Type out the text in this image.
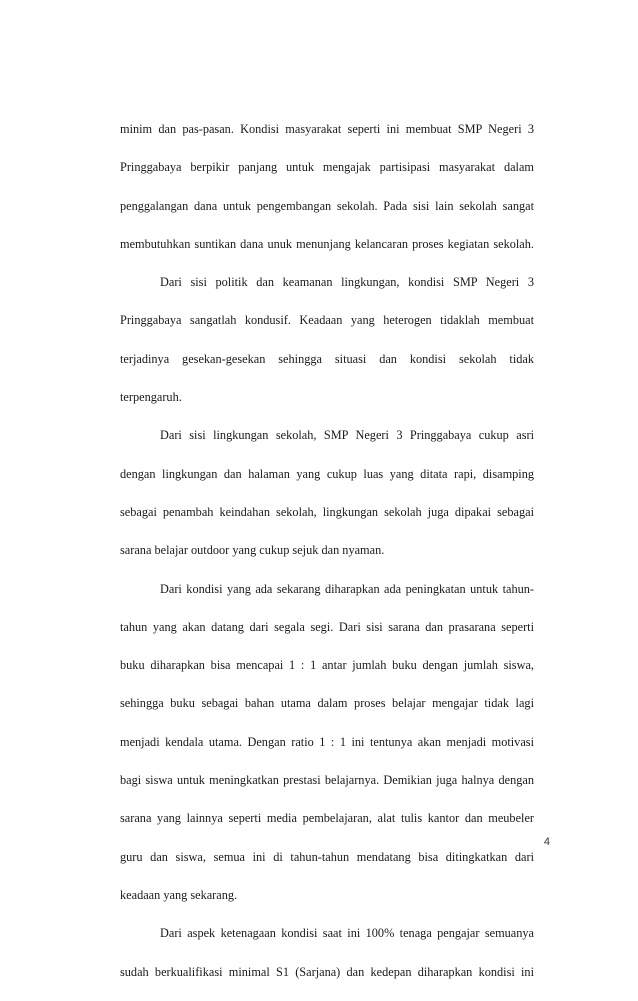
minim dan pas-pasan. Kondisi masyarakat seperti ini membuat SMP Negeri 3
Pringgabaya berpikir panjang untuk mengajak partisipasi masyarakat dalam
penggalangan dana untuk pengembangan sekolah. Pada sisi lain sekolah sangat
membutuhkan suntikan dana unuk menunjang kelancaran proses kegiatan sekolah.
Dari sisi politik dan keamanan lingkungan, kondisi SMP Negeri 3
Pringgabaya sangatlah kondusif. Keadaan yang heterogen tidaklah membuat
terjadinya gesekan-gesekan sehingga situasi dan kondisi sekolah tidak
terpengaruh.
Dari sisi lingkungan sekolah, SMP Negeri 3 Pringgabaya cukup asri
dengan lingkungan dan halaman yang cukup luas yang ditata rapi, disamping
sebagai penambah keindahan sekolah, lingkungan sekolah juga dipakai sebagai
sarana belajar outdoor yang cukup sejuk dan nyaman.
Dari kondisi yang ada sekarang diharapkan ada peningkatan untuk tahun-
tahun yang akan datang dari segala segi. Dari sisi sarana dan prasarana seperti
buku diharapkan bisa mencapai 1 : 1 antar jumlah buku dengan jumlah siswa,
sehingga buku sebagai bahan utama dalam proses belajar mengajar tidak lagi
menjadi kendala utama. Dengan ratio 1 : 1 ini tentunya akan menjadi motivasi
bagi siswa untuk meningkatkan prestasi belajarnya. Demikian juga halnya dengan
sarana yang lainnya seperti media pembelajaran, alat tulis kantor dan meubeler
guru dan siswa, semua ini di tahun-tahun mendatang bisa ditingkatkan dari
keadaan yang sekarang.
Dari aspek ketenagaan kondisi saat ini 100% tenaga pengajar semuanya
sudah berkualifikasi minimal S1 (Sarjana) dan kedepan diharapkan kondisi ini
4
